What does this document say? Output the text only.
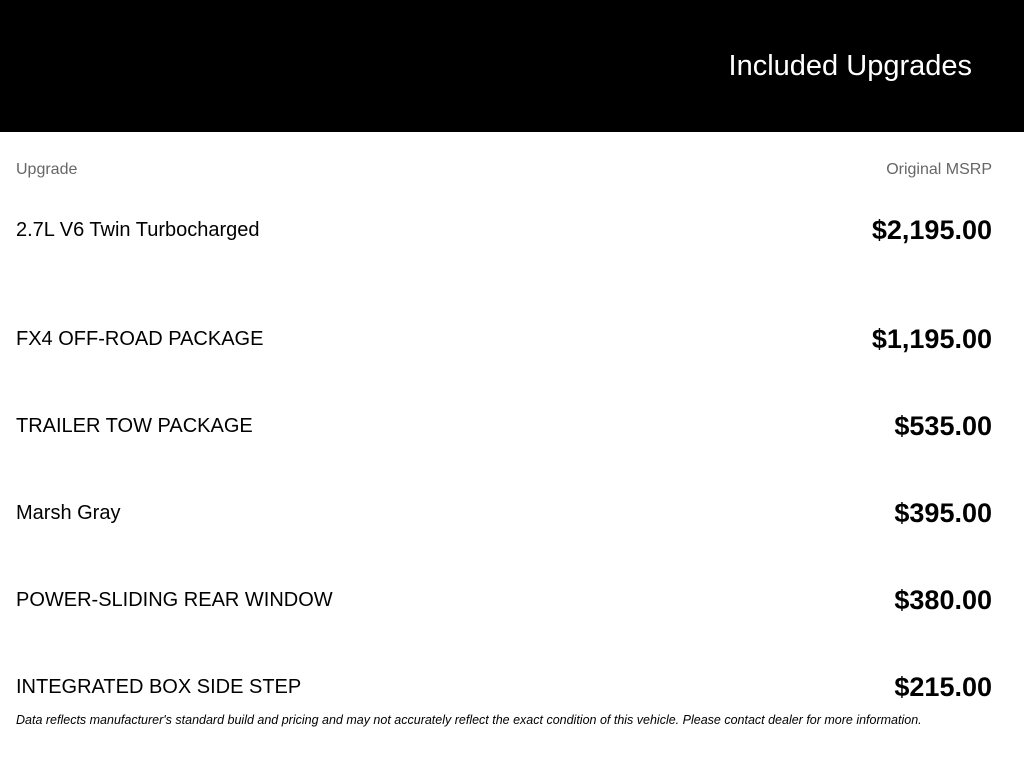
Included Upgrades
Upgrade	Original MSRP
2.7L V6 Twin Turbocharged	$2,195.00
FX4 OFF-ROAD PACKAGE	$1,195.00
TRAILER TOW PACKAGE	$535.00
Marsh Gray	$395.00
POWER-SLIDING REAR WINDOW	$380.00
INTEGRATED BOX SIDE STEP	$215.00

Data reflects manufacturer's standard build and pricing and may not accurately reflect the exact condition of this vehicle. Please contact dealer for more information.
